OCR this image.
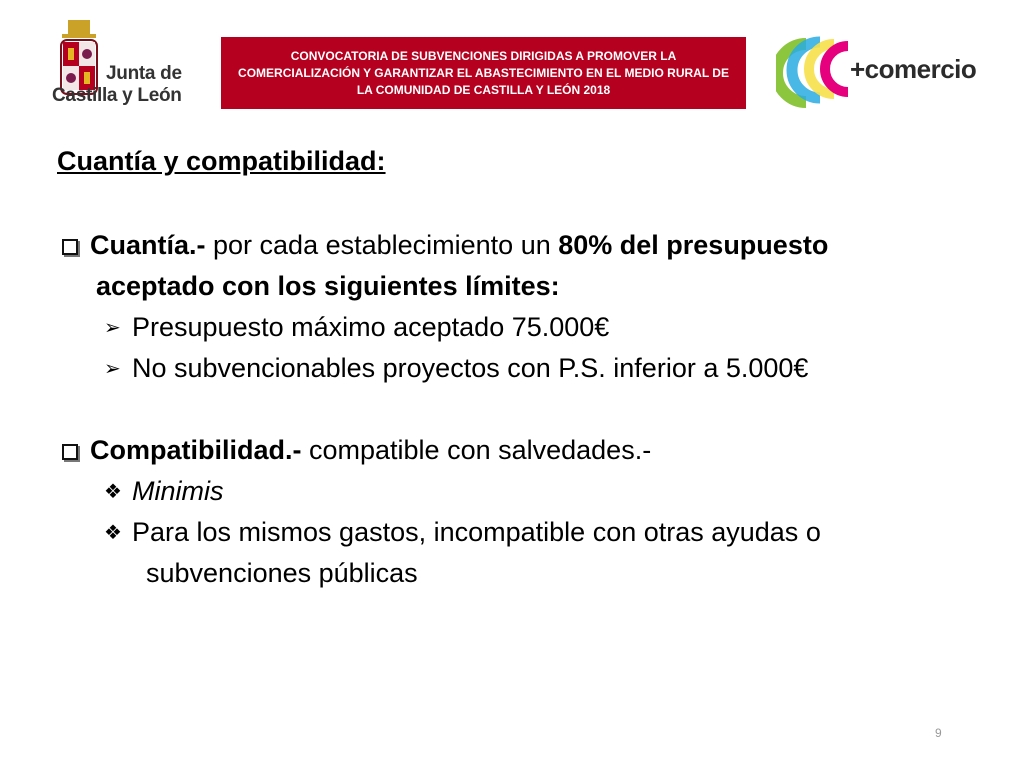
Junta de
Castilla y León
CONVOCATORIA DE SUBVENCIONES DIRIGIDAS A PROMOVER LA COMERCIALIZACIÓN Y GARANTIZAR EL ABASTECIMIENTO EN EL MEDIO RURAL DE LA COMUNIDAD DE CASTILLA Y LEÓN 2018
+comercio
Cuantía y compatibilidad:
Cuantía.- por cada establecimiento un 80% del presupuesto
aceptado con los siguientes límites:
➢ Presupuesto máximo aceptado 75.000€
➢ No subvencionables proyectos con P.S. inferior a 5.000€
Compatibilidad.- compatible con salvedades.-
❖ Minimis
❖ Para los mismos gastos, incompatible con otras ayudas o
subvenciones públicas
9
